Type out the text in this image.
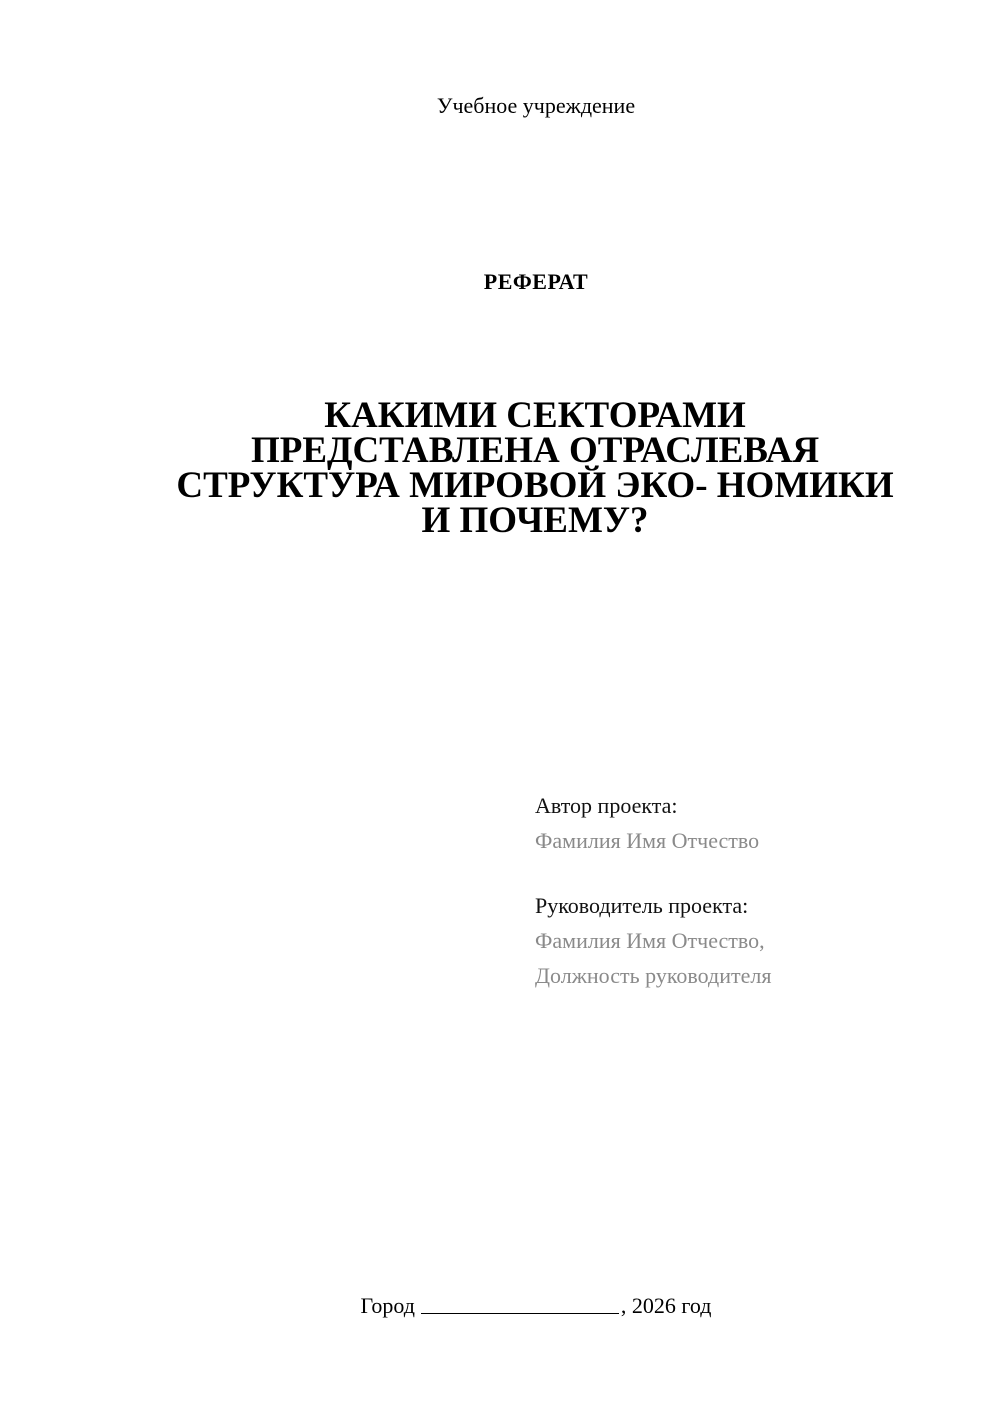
Учебное учреждение
РЕФЕРАТ
КАКИМИ СЕКТОРАМИ
ПРЕДСТАВЛЕНА ОТРАСЛЕВАЯ
СТРУКТУРА МИРОВОЙ ЭКО- НОМИКИ
И ПОЧЕМУ?
Автор проекта:
Фамилия Имя Отчество
Руководитель проекта:
Фамилия Имя Отчество,
Должность руководителя
Город	, 2026 год
